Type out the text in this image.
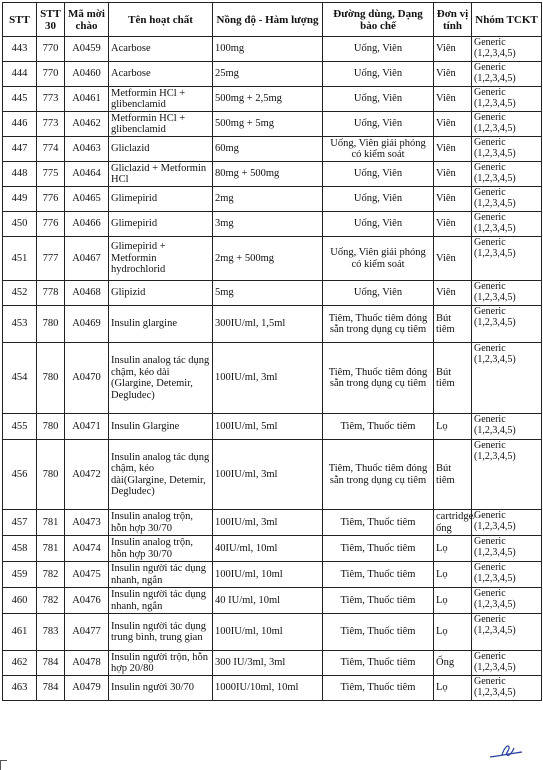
STT	STT 30	Mã mời chào	Tên hoạt chất	Nồng độ - Hàm lượng	Đường dùng, Dạng bào chế	Đơn vị tính	Nhóm TCKT
443	770	A0459	Acarbose	100mg	Uống, Viên	Viên	Generic (1,2,3,4,5)
444	770	A0460	Acarbose	25mg	Uống, Viên	Viên	Generic (1,2,3,4,5)
445	773	A0461	Metformin HCl + glibenclamid	500mg + 2,5mg	Uống, Viên	Viên	Generic (1,2,3,4,5)
446	773	A0462	Metformin HCl + glibenclamid	500mg + 5mg	Uống, Viên	Viên	Generic (1,2,3,4,5)
447	774	A0463	Gliclazid	60mg	Uống, Viên giải phóng có kiểm soát	Viên	Generic (1,2,3,4,5)
448	775	A0464	Gliclazid + Metformin HCl	80mg + 500mg	Uống, Viên	Viên	Generic (1,2,3,4,5)
449	776	A0465	Glimepirid	2mg	Uống, Viên	Viên	Generic (1,2,3,4,5)
450	776	A0466	Glimepirid	3mg	Uống, Viên	Viên	Generic (1,2,3,4,5)
451	777	A0467	Glimepirid + Metformin hydrochlorid	2mg + 500mg	Uống, Viên giải phóng có kiểm soát	Viên	Generic (1,2,3,4,5)
452	778	A0468	Glipizid	5mg	Uống, Viên	Viên	Generic (1,2,3,4,5)
453	780	A0469	Insulin glargine	300IU/ml, 1,5ml	Tiêm, Thuốc tiêm đóng sẵn trong dụng cụ tiêm	Bút tiêm	Generic (1,2,3,4,5)
454	780	A0470	Insulin analog tác dụng chậm, kéo dài (Glargine, Detemir, Degludec)	100IU/ml, 3ml	Tiêm, Thuốc tiêm đóng sẵn trong dụng cụ tiêm	Bút tiêm	Generic (1,2,3,4,5)
455	780	A0471	Insulin Glargine	100IU/ml, 5ml	Tiêm, Thuốc tiêm	Lọ	Generic (1,2,3,4,5)
456	780	A0472	Insulin analog tác dụng chậm, kéo dài(Glargine, Detemir, Degludec)	100IU/ml, 3ml	Tiêm, Thuốc tiêm đóng sẵn trong dụng cụ tiêm	Bút tiêm	Generic (1,2,3,4,5)
457	781	A0473	Insulin analog trộn, hỗn hợp 30/70	100IU/ml, 3ml	Tiêm, Thuốc tiêm	cartridge/ống	Generic (1,2,3,4,5)
458	781	A0474	Insulin analog trộn, hỗn hợp 30/70	40IU/ml, 10ml	Tiêm, Thuốc tiêm	Lọ	Generic (1,2,3,4,5)
459	782	A0475	Insulin người tác dụng nhanh, ngắn	100IU/ml, 10ml	Tiêm, Thuốc tiêm	Lọ	Generic (1,2,3,4,5)
460	782	A0476	Insulin người tác dụng nhanh, ngắn	40 IU/ml, 10ml	Tiêm, Thuốc tiêm	Lọ	Generic (1,2,3,4,5)
461	783	A0477	Insulin người tác dụng trung bình, trung gian	100IU/ml, 10ml	Tiêm, Thuốc tiêm	Lọ	Generic (1,2,3,4,5)
462	784	A0478	Insulin người trộn, hỗn hợp 20/80	300 IU/3ml, 3ml	Tiêm, Thuốc tiêm	Ống	Generic (1,2,3,4,5)
463	784	A0479	Insulin người 30/70	1000IU/10ml, 10ml	Tiêm, Thuốc tiêm	Lọ	Generic (1,2,3,4,5)
